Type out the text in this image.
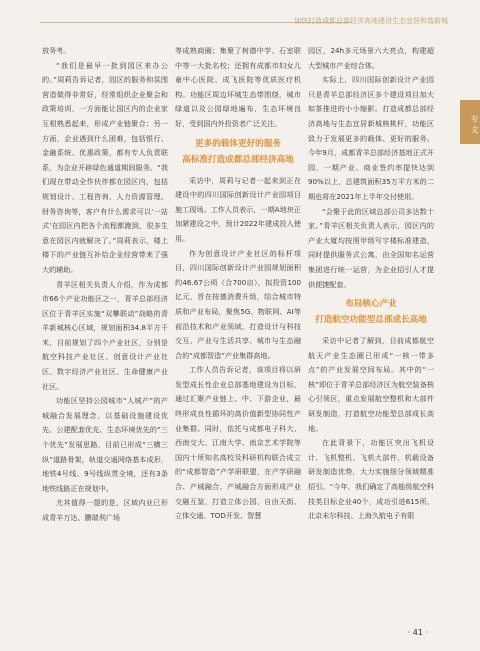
加快打造成都总部经济高地建设生态宜居和谐新城
专 文

放务考。

“我们是最早一批到园区来办公的。”周莉告诉记者，园区的服务和氛围营造做得非常好，经常组织企业聚会和政策培训，一方面能让园区内的企业家互相熟悉起来，形成产业链聚合；另一方面，企业遇到什么困难，包括银行、金融系统、优惠政策，都有专人负责联系，为企业开辟绿色通道期间服务。“我们现在带动全作伙伴都在园区内，包括规划设计、工程咨询、人力资源管理、财务咨询等，客户有什么需求可以‘一站式’在园区内把各个流程都跑到，很多生意在园区内就解决了。”周莉表示，楼上楼下的产业链互补给企业经营带来了强大的辅助。

青羊区相关负责人介绍，作为成都市66个产业功能区之一，青羊总部经济区位于青羊区实施“双攀联动”战略的青羊新城核心区域，规划面积34.8平方千米，目前规划了四个产业社区，分别是航空科技产业社区、创意设计产业社区、数字经济产业社区、生命健康产业社区。

功能区坚持公园城市“人城产”的产城融合发展理念，以基础设施建设优先、公建配套优先、生态环境优先的“三个优先”发展思路，目前已形成“三横三纵”道路骨架，轨道交通网络基本成形，地铁4号线、9号线纵贯全境，还有3条地铁线路正在规划中。

尤其值得一提的是，区域内业已形成青羊万达、鹏瑞利广场

等成熟商圈；集聚了树德中学、石室联中等一大批名校；还拥有成都市妇女儿童中心医院、成飞医院等优质医疗机构。功能区周边环城生态带围绕，城市绿道以及公园绿地遍布，生态环境良好，受到国内外投资者广泛关注。

更多的载体更好的服务
高标准打造成都总部经济高地

采访中，周莉与记者一起来到正在建设中的四川国际创新设计产业园项目施工现场。工作人员表示，一期A地块正加紧建设之中，预计2022年建成投入使用。

作为创意设计产业社区的标杆项目，四川国际创新设计产业园规划面积约46.67公顷（合700亩），拟投资100亿元，旨在按德消费升级，结合城市特质和产业布局，聚焦5G、物联网、AI等前沿技术和产业领域，打造设计与科技交互、产业与生活共享、城市与生态融合的“成都智造”产业集群高地。

工作人员告诉记者，该项目将以研发型成长性企业总部基地建设为目标，通过汇聚产业链上、中、下游企业，最终形成良性循环的高价值新型协同性产业集群。同时，依托与成都电子科大、西南交大、江南大学、南京艺术学院等国内十所知名高校及科研机构联合成立的“成都智造”产学研联盟，在产学研融合、产城融合、产城融合方面形成产业交融互鉴，打造立体公园、自由天街、立体交通、TOD开发、智慧

园区，24h多元场景六大亮点，构建超大型城市产业综合体。

实际上，四川国际创新设计产业园只是青羊总部经济区多个建设项目加大如茶推进的小小缩影。打造成都总部经济高地与生态宜居新城核桃杆，功能区致力于发展更多的载体、更好的服务。今年9月，成都青羊总部经济基地正式开园，一期产业、商业签约率提快达到90%以上，总建筑面积35万平方米的二期也将在2021年上半年交付使用。

“会聚于此的区域总部公司多达数十家。”青羊区相关负责人表示，园区内的产业大厦均按照甲级写字楼标准建造，同时提供服务式公寓，由全国知名运营集团进行统一运营，为企业招引人才提供便捷配套。

布局核心产业
打造航空功能型总部成长高地

采访中记者了解到，目前成都航空航天产业生态圈已形成“一核一带多点”的产业发展空间布局。其中的“一核”即位于青羊总部经济区为航空装备核心引领区，重点发展航空整机和大部件研发制造，打造航空功能型总部成长高地。

在此背景下，功能区突出飞机设计、飞机整机、飞机大部件、机载设备研发制造优势，大力实施细分领域精准招引。“今年，我们确定了高能级航空科技类目标企业40个，成功引进615所、北京未尔科技、上海久航电子有限

· 41 ·
